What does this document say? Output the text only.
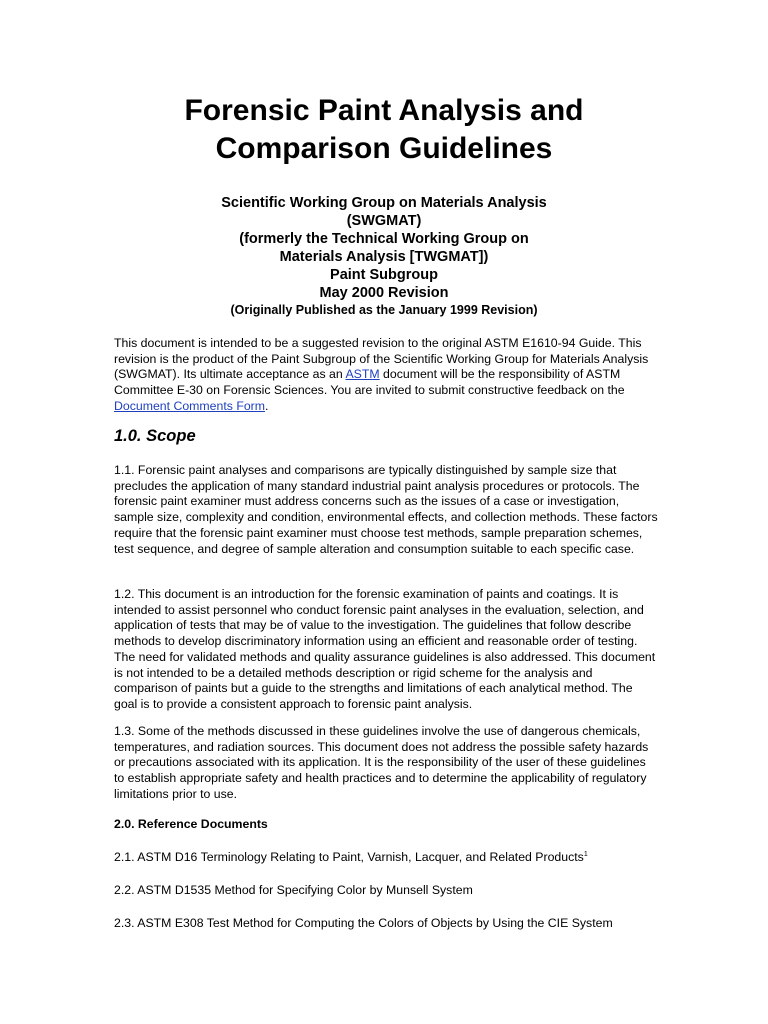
Forensic Paint Analysis and
Comparison Guidelines
Scientific Working Group on Materials Analysis
(SWGMAT)
(formerly the Technical Working Group on
Materials Analysis [TWGMAT])
Paint Subgroup
May 2000 Revision
(Originally Published as the January 1999 Revision)

This document is intended to be a suggested revision to the original ASTM E1610-94 Guide. This revision is the product of the Paint Subgroup of the Scientific Working Group for Materials Analysis (SWGMAT). Its ultimate acceptance as an ASTM document will be the responsibility of ASTM Committee E-30 on Forensic Sciences. You are invited to submit constructive feedback on the Document Comments Form.

1.0. Scope

1.1. Forensic paint analyses and comparisons are typically distinguished by sample size that precludes the application of many standard industrial paint analysis procedures or protocols. The forensic paint examiner must address concerns such as the issues of a case or investigation, sample size, complexity and condition, environmental effects, and collection methods. These factors require that the forensic paint examiner must choose test methods, sample preparation schemes, test sequence, and degree of sample alteration and consumption suitable to each specific case.

1.2. This document is an introduction for the forensic examination of paints and coatings. It is intended to assist personnel who conduct forensic paint analyses in the evaluation, selection, and application of tests that may be of value to the investigation. The guidelines that follow describe methods to develop discriminatory information using an efficient and reasonable order of testing. The need for validated methods and quality assurance guidelines is also addressed. This document is not intended to be a detailed methods description or rigid scheme for the analysis and comparison of paints but a guide to the strengths and limitations of each analytical method. The goal is to provide a consistent approach to forensic paint analysis.

1.3. Some of the methods discussed in these guidelines involve the use of dangerous chemicals, temperatures, and radiation sources. This document does not address the possible safety hazards or precautions associated with its application. It is the responsibility of the user of these guidelines to establish appropriate safety and health practices and to determine the applicability of regulatory limitations prior to use.

2.0. Reference Documents

2.1. ASTM D16 Terminology Relating to Paint, Varnish, Lacquer, and Related Products$^1$

2.2. ASTM D1535 Method for Specifying Color by Munsell System

2.3. ASTM E308 Test Method for Computing the Colors of Objects by Using the CIE System
